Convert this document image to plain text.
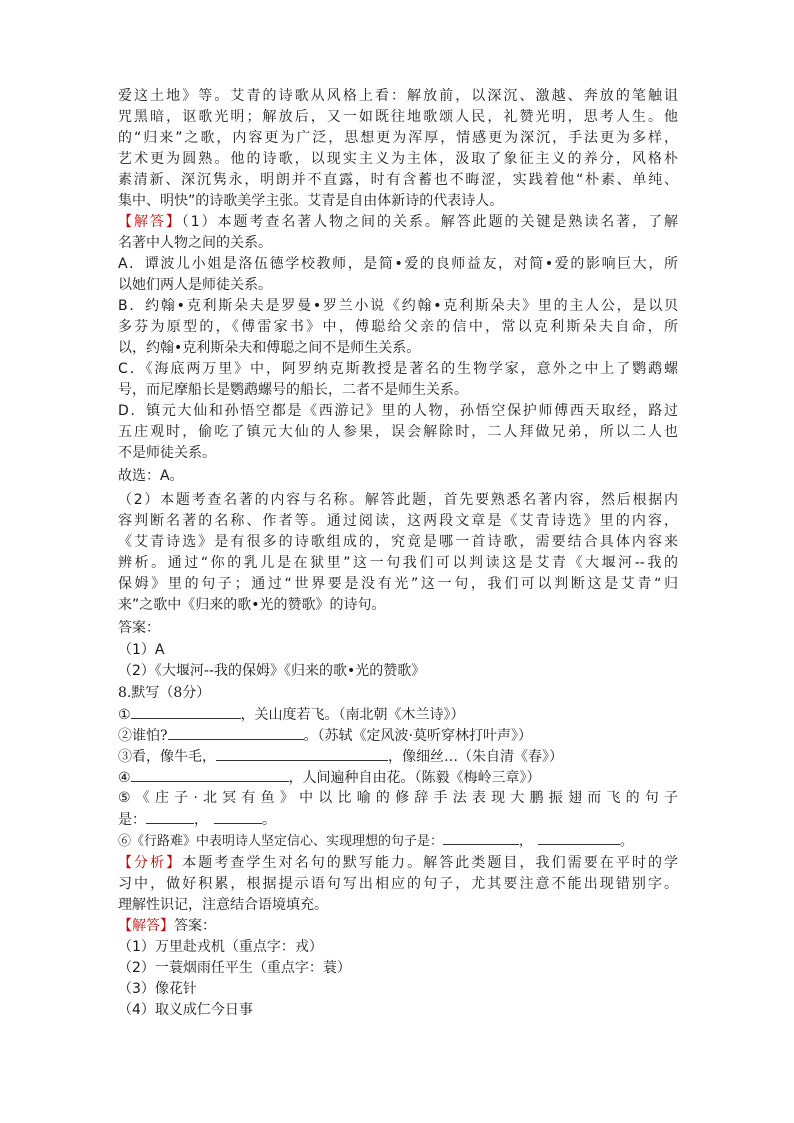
爱这土地》等。艾青的诗歌从风格上看：解放前，以深沉、激越、奔放的笔触诅
咒黑暗，讴歌光明；解放后，又一如既往地歌颂人民，礼赞光明，思考人生。他
的“归来”之歌，内容更为广泛，思想更为浑厚，情感更为深沉，手法更为多样，
艺术更为圆熟。他的诗歌，以现实主义为主体，汲取了象征主义的养分，风格朴
素清新、深沉隽永，明朗并不直露，时有含蓄也不晦涩，实践着他“朴素、单纯、
集中、明快”的诗歌美学主张。艾青是自由体新诗的代表诗人。
【解答】（1）本题考查名著人物之间的关系。解答此题的关键是熟读名著，了解
名著中人物之间的关系。
A．谭波儿小姐是洛伍德学校教师，是简•爱的良师益友，对简•爱的影响巨大，所
以她们两人是师徒关系。
B．约翰•克利斯朵夫是罗曼•罗兰小说《约翰•克利斯朵夫》里的主人公，是以贝
多芬为原型的，《傅雷家书》中，傅聪给父亲的信中，常以克利斯朵夫自命，所
以，约翰•克利斯朵夫和傅聪之间不是师生关系。
C．《海底两万里》中，阿罗纳克斯教授是著名的生物学家，意外之中上了鹦鹉螺
号，而尼摩船长是鹦鹉螺号的船长，二者不是师生关系。
D．镇元大仙和孙悟空都是《西游记》里的人物，孙悟空保护师傅西天取经，路过
五庄观时，偷吃了镇元大仙的人参果，误会解除时，二人拜做兄弟，所以二人也
不是师徒关系。
故选：A。
（2）本题考查名著的内容与名称。解答此题，首先要熟悉名著内容，然后根据内
容判断名著的名称、作者等。通过阅读，这两段文章是《艾青诗选》里的内容，
《艾青诗选》是有很多的诗歌组成的，究竟是哪一首诗歌，需要结合具体内容来
辨析。通过“你的乳儿是在狱里”这一句我们可以判读这是艾青《大堰河--我的
保姆》里的句子；通过“世界要是没有光”这一句，我们可以判断这是艾青“归
来”之歌中《归来的歌•光的赞歌》的诗句。
答案：
（1）A
（2）《大堰河--我的保姆》《归来的歌•光的赞歌》
8.默写（8分）
①	，关山度若飞。（南北朝《木兰诗》）
②谁怕?	。（苏轼《定风波·莫听穿林打叶声》）
③看，像牛毛，	，像细丝…（朱自清《春》）
④	，人间遍种自由花。（陈毅《梅岭三章》）
⑤《庄子·北冥有鱼》中以比喻的修辞手法表现大鹏振翅而飞的句子
是：	，	。
⑥《行路难》中表明诗人坚定信心、实现理想的句子是：	，	。
【分析】本题考查学生对名句的默写能力。解答此类题目，我们需要在平时的学
习中，做好积累，根据提示语句写出相应的句子，尤其要注意不能出现错别字。
理解性识记，注意结合语境填充。
【解答】答案：
（1）万里赴戎机（重点字：戎）
（2）一蓑烟雨任平生（重点字：蓑）
（3）像花针
（4）取义成仁今日事
